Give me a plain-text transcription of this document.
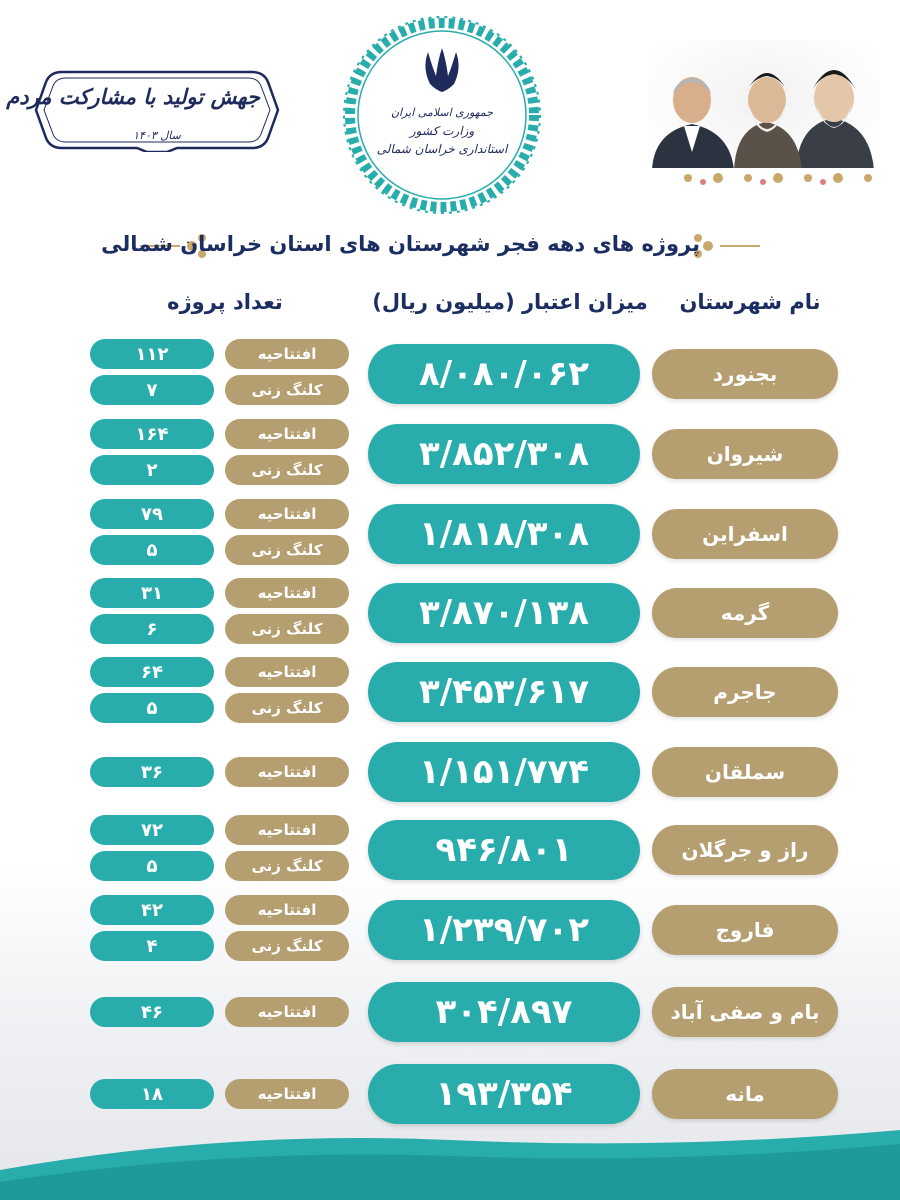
جهش تولید با مشارکت مردم
سال ۱۴۰۳
جمهوری اسلامی ایران
وزارت کشور
استانداری خراسان شمالی
پروژه های دهه فجر شهرستان های استان خراسان شمالی
نام شهرستان
میزان اعتبار (میلیون ریال)
تعداد پروژه
بجنورد
۸/۰۸۰/۰۶۲
افتتاحیه
۱۱۲
کلنگ زنی
۷
شیروان
۳/۸۵۲/۳۰۸
افتتاحیه
۱۶۴
کلنگ زنی
۲
اسفراین
۱/۸۱۸/۳۰۸
افتتاحیه
۷۹
کلنگ زنی
۵
گرمه
۳/۸۷۰/۱۳۸
افتتاحیه
۳۱
کلنگ زنی
۶
جاجرم
۳/۴۵۳/۶۱۷
افتتاحیه
۶۴
کلنگ زنی
۵
سملقان
۱/۱۵۱/۷۷۴
افتتاحیه
۳۶
راز و جرگلان
۹۴۶/۸۰۱
افتتاحیه
۷۲
کلنگ زنی
۵
فاروج
۱/۲۳۹/۷۰۲
افتتاحیه
۴۲
کلنگ زنی
۴
بام و صفی آباد
۳۰۴/۸۹۷
افتتاحیه
۴۶
مانه
۱۹۳/۳۵۴
افتتاحیه
۱۸
